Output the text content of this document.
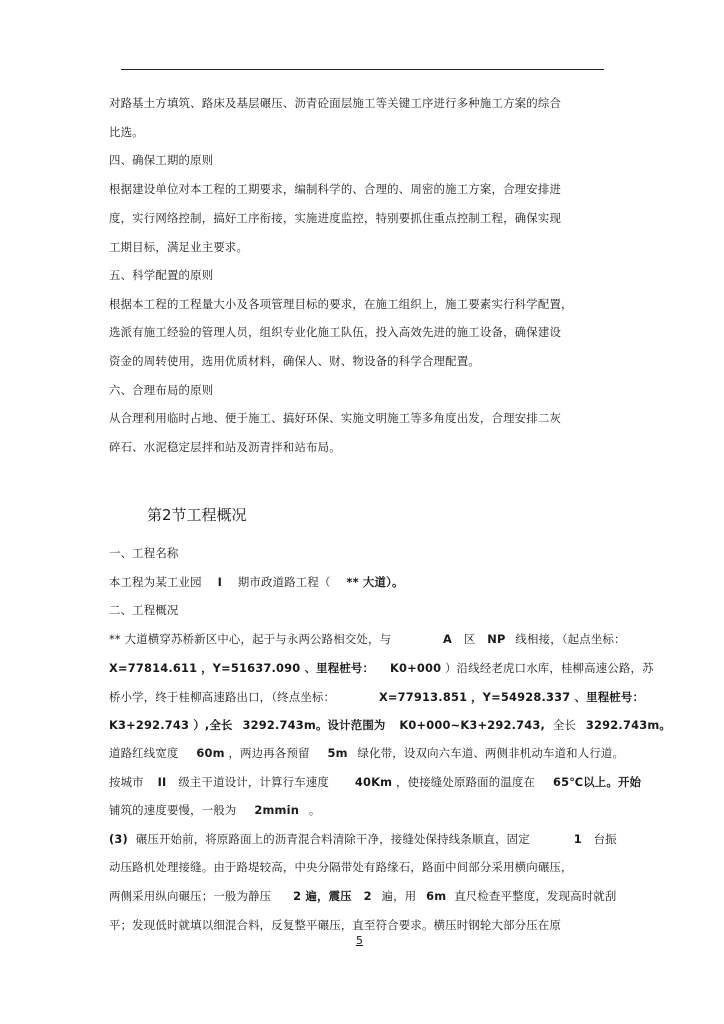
对路基土方填筑、路床及基层碾压、沥青砼面层施工等关键工序进行多种施工方案的综合

比选。

四、确保工期的原则

根据建设单位对本工程的工期要求，编制科学的、合理的、周密的施工方案，合理安排进

度，实行网络控制，搞好工序衔接，实施进度监控，特别要抓住重点控制工程，确保实现

工期目标，满足业主要求。

五、科学配置的原则

根据本工程的工程量大小及各项管理目标的要求，在施工组织上，施工要素实行科学配置，

选派有施工经验的管理人员，组织专业化施工队伍，投入高效先进的施工设备，确保建设

资金的周转使用，选用优质材料，确保人、财、物设备的科学合理配置。

六、合理布局的原则

从合理利用临时占地、便于施工、搞好环保、实施文明施工等多角度出发，合理安排二灰

碎石、水泥稳定层拌和站及沥青拌和站布局。

第2节工程概况

一、工程名称

本工程为某工业园 I 期市政道路工程（ ** 大道）。

二、工程概况

** 大道横穿苏桥新区中心，起于与永两公路相交处，与	A 区 NP 线相接，（起点坐标：

X=77814.611 ，Y=51637.090 、里程桩号： K0+000 ）沿线经老虎口水库，桂柳高速公路，苏

桥小学，终于桂柳高速路出口，（终点坐标：	X=77913.851 ，Y=54928.337 、里程桩号：

K3+292.743 ）,全长 3292.743m。设计范围为 K0+000~K3+292.743, 全长 3292.743m。

道路红线宽度 60m ，两边再各预留 5m 绿化带，设双向六车道、两侧非机动车道和人行道。

按城市 II 级主干道设计，计算行车速度 40Km ，使接缝处原路面的温度在 65℃以上。开始

铺筑的速度要慢，一般为 2mmin 。

(3) 碾压开始前，将原路面上的沥青混合料清除干净，接缝处保持线条顺直，固定	1 台振

动压路机处理接缝。由于路堤较高，中央分隔带处有路缘石，路面中间部分采用横向碾压，

两侧采用纵向碾压；一般为静压 2 遍，震压 2 遍，用 6m 直尺检查平整度，发现高时就刮

平；发现低时就填以细混合料，反复整平碾压，直至符合要求。横压时钢轮大部分压在原

5
